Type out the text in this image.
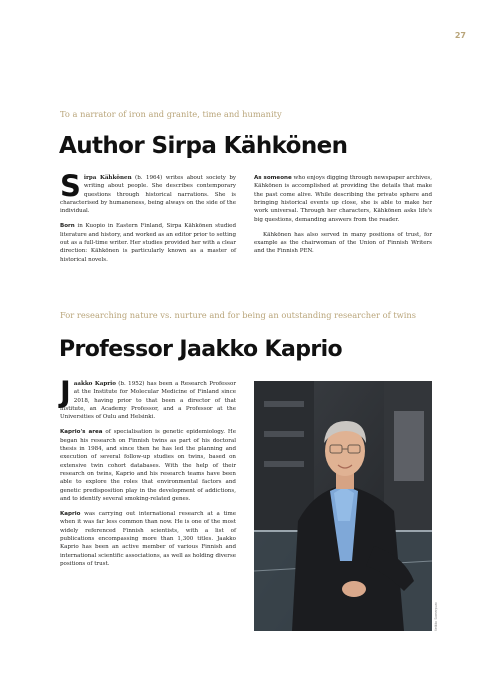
27
To a narrator of iron and granite, time and humanity
Author Sirpa Kähkönen

Sirpa Kähkönen (b. 1964) writes about society by writing about people. She describes contemporary questions through historical narrations. She is characterised by humaneness, being always on the side of the individual.

Born in Kuopio in Eastern Finland, Sirpa Kähkönen studied literature and history, and worked as an editor prior to setting out as a full-time writer. Her studies provided her with a clear direction: Kähkönen is particularly known as a master of historical novels.

As someone who enjoys digging through newspaper archives, Kähkönen is accomplished at providing the details that make the past come alive. While describing the private sphere and bringing historical events up close, she is able to make her work universal. Through her characters, Kähkönen asks life's big questions, demanding answers from the reader.

Kähkönen has also served in many positions of trust, for example as the chairwoman of the Union of Finnish Writers and the Finnish PEN.

For researching nature vs. nurture and for being an outstanding researcher of twins
Professor Jaakko Kaprio

Jaakko Kaprio (b. 1952) has been a Research Professor at the Institute for Molecular Medicine of Finland since 2018, having prior to that been a director of that institute, an Academy Professor, and a Professor at the Universities of Oulu and Helsinki.

Kaprio's area of specialisation is genetic epidemiology. He began his research on Finnish twins as part of his doctoral thesis in 1984, and since then he has led the planning and execution of several follow-up studies on twins, based on extensive twin cohort databases. With the help of their research on twins, Kaprio and his research teams have been able to explore the roles that environmental factors and genetic predisposition play in the development of addictions, and to identify several smoking-related genes.

Kaprio was carrying out international research at a time when it was far less common than now. He is one of the most widely referenced Finnish scientists, with a list of publications encompassing more than 1,300 titles. Jaakko Kaprio has been an active member of various Finnish and international scientific associations, as well as holding diverse positions of trust.

Veikko Somerpuro
